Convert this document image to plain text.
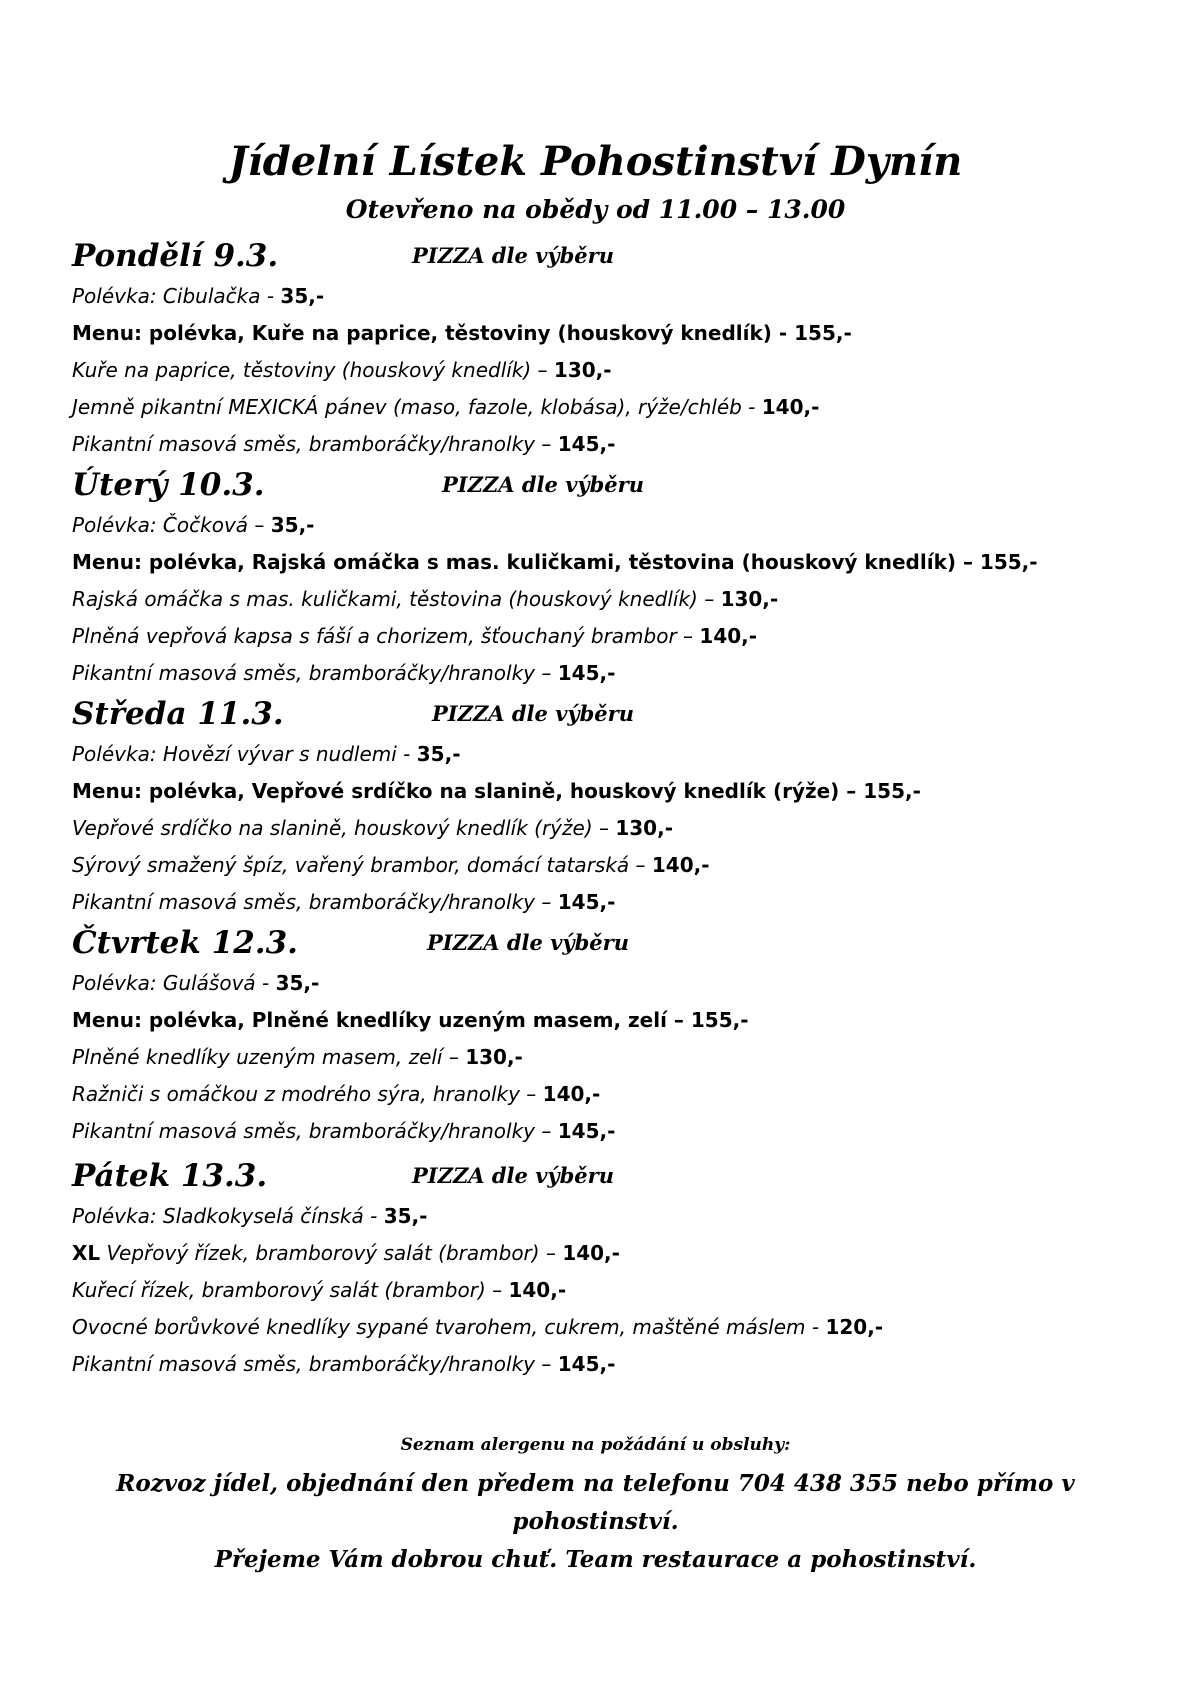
Jídelní Lístek Pohostinství Dynín
Otevřeno na obědy od 11.00 – 13.00
Pondělí 9.3.	PIZZA dle výběru
Polévka: Cibulačka - 35,-
Menu: polévka, Kuře na paprice, těstoviny (houskový knedlík) - 155,-
Kuře na paprice, těstoviny (houskový knedlík) – 130,-
Jemně pikantní MEXICKÁ pánev (maso, fazole, klobása), rýže/chléb - 140,-
Pikantní masová směs, bramboráčky/hranolky – 145,-
Úterý 10.3.	PIZZA dle výběru
Polévka: Čočková – 35,-
Menu: polévka, Rajská omáčka s mas. kuličkami, těstovina (houskový knedlík) – 155,-
Rajská omáčka s mas. kuličkami, těstovina (houskový knedlík) – 130,-
Plněná vepřová kapsa s fáší a chorizem, šťouchaný brambor – 140,-
Pikantní masová směs, bramboráčky/hranolky – 145,-
Středa 11.3.	PIZZA dle výběru
Polévka: Hovězí vývar s nudlemi - 35,-
Menu: polévka, Vepřové srdíčko na slanině, houskový knedlík (rýže) – 155,-
Vepřové srdíčko na slanině, houskový knedlík (rýže) – 130,-
Sýrový smažený špíz, vařený brambor, domácí tatarská – 140,-
Pikantní masová směs, bramboráčky/hranolky – 145,-
Čtvrtek 12.3.	PIZZA dle výběru
Polévka: Gulášová - 35,-
Menu: polévka, Plněné knedlíky uzeným masem, zelí – 155,-
Plněné knedlíky uzeným masem, zelí – 130,-
Ražniči s omáčkou z modrého sýra, hranolky – 140,-
Pikantní masová směs, bramboráčky/hranolky – 145,-
Pátek 13.3.	PIZZA dle výběru
Polévka: Sladkokyselá čínská - 35,-
XL Vepřový řízek, bramborový salát (brambor) – 140,-
Kuřecí řízek, bramborový salát (brambor) – 140,-
Ovocné borůvkové knedlíky sypané tvarohem, cukrem, maštěné máslem - 120,-
Pikantní masová směs, bramboráčky/hranolky – 145,-
Seznam alergenu na požádání u obsluhy:
Rozvoz jídel, objednání den předem na telefonu 704 438 355 nebo přímo v
pohostinství.
Přejeme Vám dobrou chuť. Team restaurace a pohostinství.
